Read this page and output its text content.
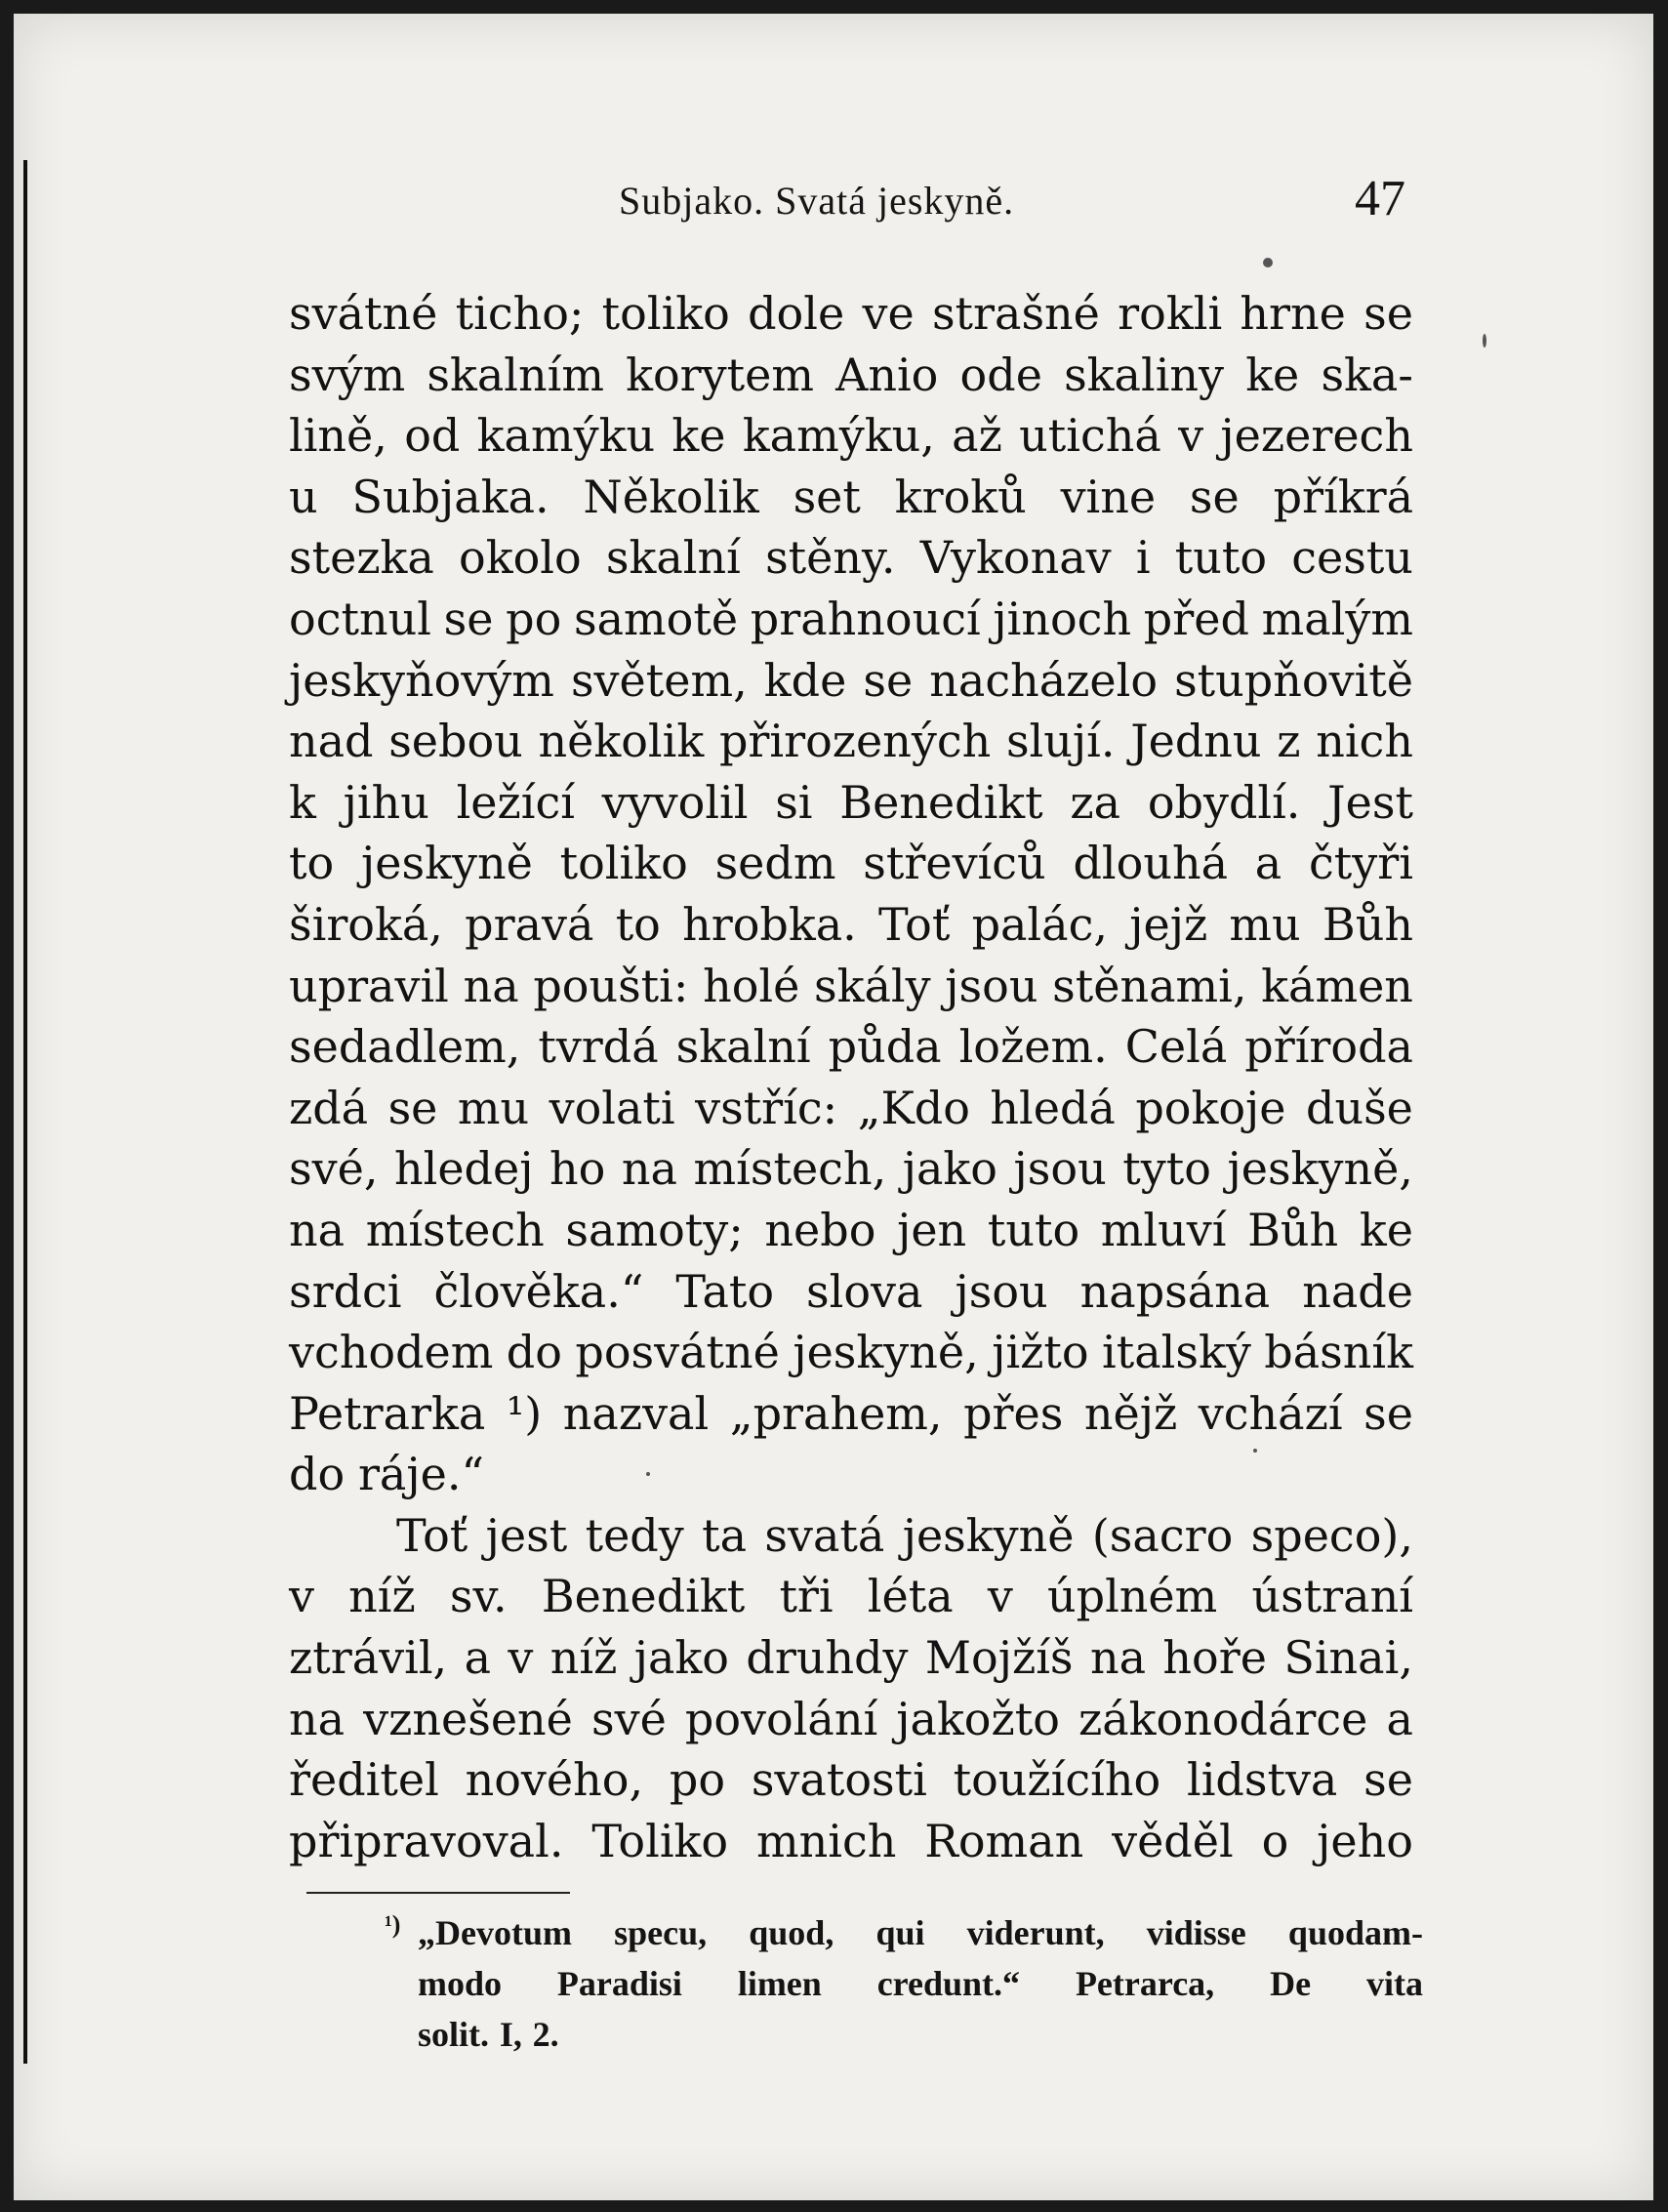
Subjako. Svatá jeskyně.	47
svátné ticho; toliko dole ve strašné rokli hrne se
svým skalním korytem Anio ode skaliny ke ska-
lině, od kamýku ke kamýku, až utichá v jezerech
u Subjaka. Několik set kroků vine se příkrá
stezka okolo skalní stěny. Vykonav i tuto cestu
octnul se po samotě prahnoucí jinoch před malým
jeskyňovým světem, kde se nacházelo stupňovitě
nad sebou několik přirozených slují. Jednu z nich
k jihu ležící vyvolil si Benedikt za obydlí. Jest
to jeskyně toliko sedm střevíců dlouhá a čtyři
široká, pravá to hrobka. Toť palác, jejž mu Bůh
upravil na poušti: holé skály jsou stěnami, kámen
sedadlem, tvrdá skalní půda ložem. Celá příroda
zdá se mu volati vstříc: „Kdo hledá pokoje duše
své, hledej ho na místech, jako jsou tyto jeskyně,
na místech samoty; nebo jen tuto mluví Bůh ke
srdci člověka.“ Tato slova jsou napsána nade
vchodem do posvátné jeskyně, jižto italský básník
Petrarka ¹) nazval „prahem, přes nějž vchází se
do ráje.“
Toť jest tedy ta svatá jeskyně (sacro speco),
v níž sv. Benedikt tři léta v úplném ústraní
ztrávil, a v níž jako druhdy Mojžíš na hoře Sinai,
na vznešené své povolání jakožto zákonodárce a
ředitel nového, po svatosti toužícího lidstva se
připravoval. Toliko mnich Roman věděl o jeho
¹) „Devotum specu, quod, qui viderunt, vidisse quodam-
modo Paradisi limen credunt.“ Petrarca, De vita
solit. I, 2.
